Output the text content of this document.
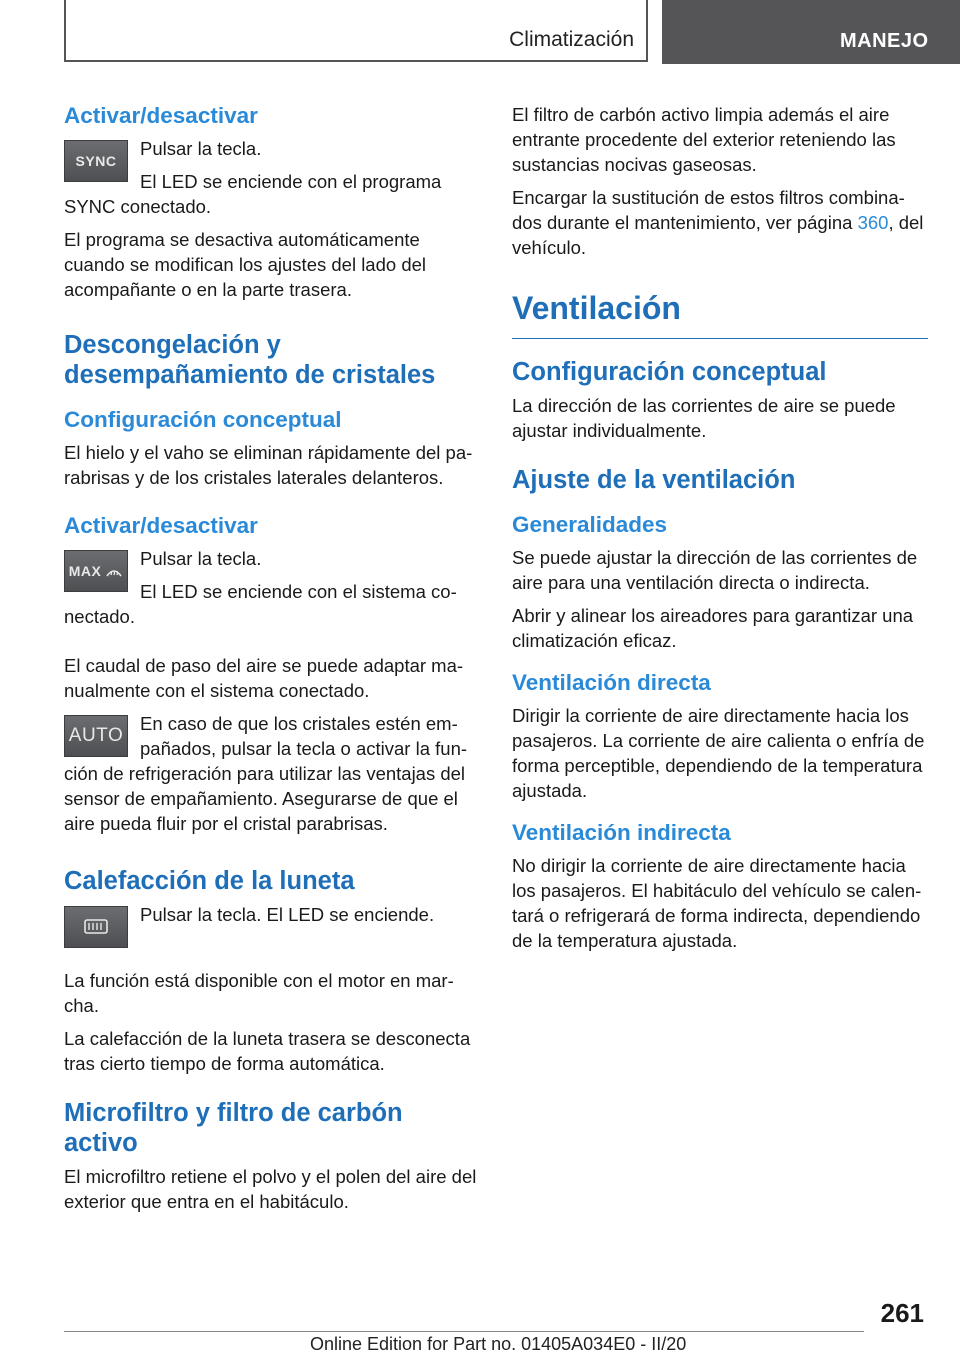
Climatización	MANEJO
Activar/desactivar
SYNC

Pulsar la tecla.

El LED se enciende con el programa SYNC conectado.

El programa se desactiva automáticamente cuando se modifican los ajustes del lado del acompañante o en la parte trasera.

Descongelación y desempañamiento de cristales
Configuración conceptual

El hielo y el vaho se eliminan rápidamente del parabrisas y de los cristales laterales delanteros.

Activar/desactivar
MAX

Pulsar la tecla.

El LED se enciende con el sistema conectado.

El caudal de paso del aire se puede adaptar manualmente con el sistema conectado.

AUTO

En caso de que los cristales estén empañados, pulsar la tecla o activar la función de refrigeración para utilizar las ventajas del sensor de empañamiento. Asegurarse de que el aire pueda fluir por el cristal parabrisas.

Calefacción de la luneta

Pulsar la tecla. El LED se enciende.

La función está disponible con el motor en marcha.

La calefacción de la luneta trasera se desconecta tras cierto tiempo de forma automática.

Microfiltro y filtro de carbón activo

El microfiltro retiene el polvo y el polen del aire del exterior que entra en el habitáculo.

El filtro de carbón activo limpia además el aire entrante procedente del exterior reteniendo las sustancias nocivas gaseosas.

Encargar la sustitución de estos filtros combinados durante el mantenimiento, ver página 360, del vehículo.

Ventilación
Configuración conceptual

La dirección de las corrientes de aire se puede ajustar individualmente.

Ajuste de la ventilación
Generalidades

Se puede ajustar la dirección de las corrientes de aire para una ventilación directa o indirecta.

Abrir y alinear los aireadores para garantizar una climatización eficaz.

Ventilación directa

Dirigir la corriente de aire directamente hacia los pasajeros. La corriente de aire calienta o enfría de forma perceptible, dependiendo de la temperatura ajustada.

Ventilación indirecta

No dirigir la corriente de aire directamente hacia los pasajeros. El habitáculo del vehículo se calentará o refrigerará de forma indirecta, dependiendo de la temperatura ajustada.

261
Online Edition for Part no. 01405A034E0 - II/20
